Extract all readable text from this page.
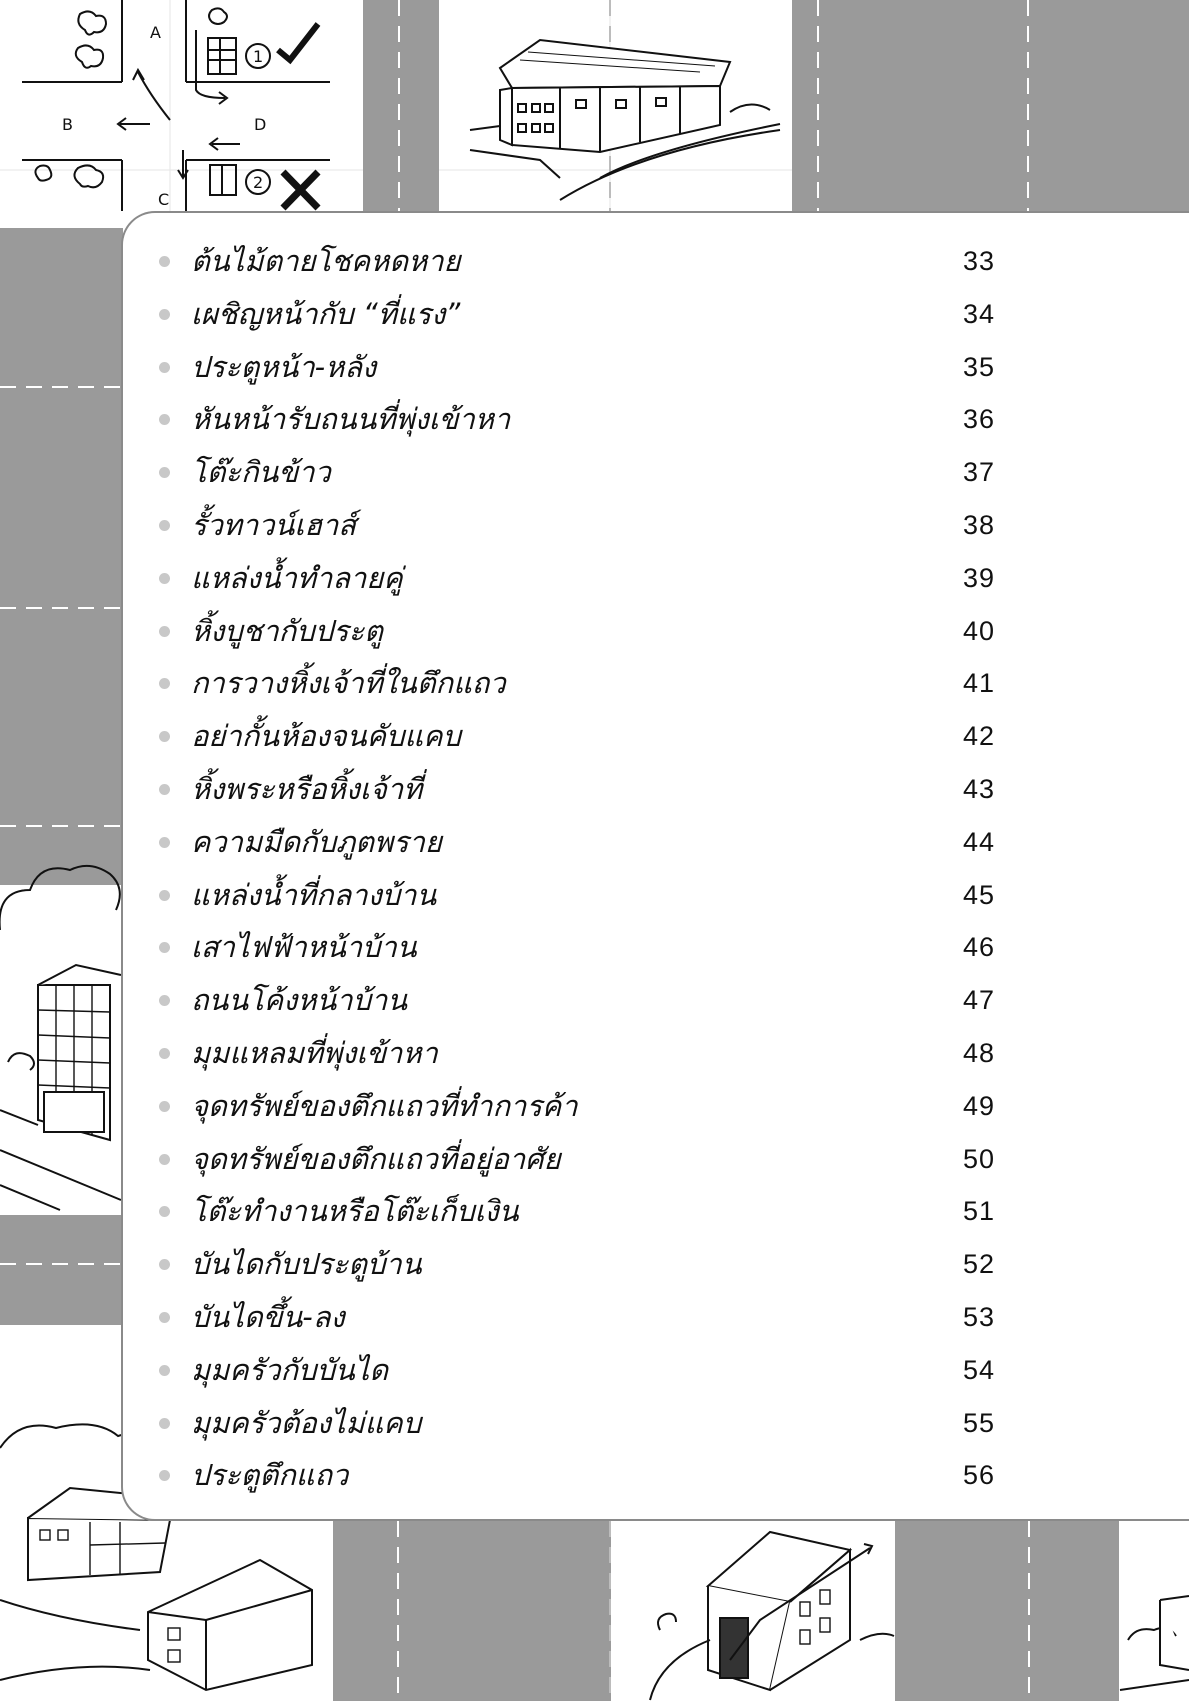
A
B
C
D
1
2
ต้นไม้ตายโชคหดหาย	33
เผชิญหน้ากับ “ที่แรง”	34
ประตูหน้า-หลัง	35
หันหน้ารับถนนที่พุ่งเข้าหา	36
โต๊ะกินข้าว	37
รั้วทาวน์เฮาส์	38
แหล่งน้ำทำลายคู่	39
หิ้งบูชากับประตู	40
การวางหิ้งเจ้าที่ในตึกแถว	41
อย่ากั้นห้องจนคับแคบ	42
หิ้งพระหรือหิ้งเจ้าที่	43
ความมืดกับภูตพราย	44
แหล่งน้ำที่กลางบ้าน	45
เสาไฟฟ้าหน้าบ้าน	46
ถนนโค้งหน้าบ้าน	47
มุมแหลมที่พุ่งเข้าหา	48
จุดทรัพย์ของตึกแถวที่ทำการค้า	49
จุดทรัพย์ของตึกแถวที่อยู่อาศัย	50
โต๊ะทำงานหรือโต๊ะเก็บเงิน	51
บันไดกับประตูบ้าน	52
บันไดขึ้น-ลง	53
มุมครัวกับบันได	54
มุมครัวต้องไม่แคบ	55
ประตูตึกแถว	56
